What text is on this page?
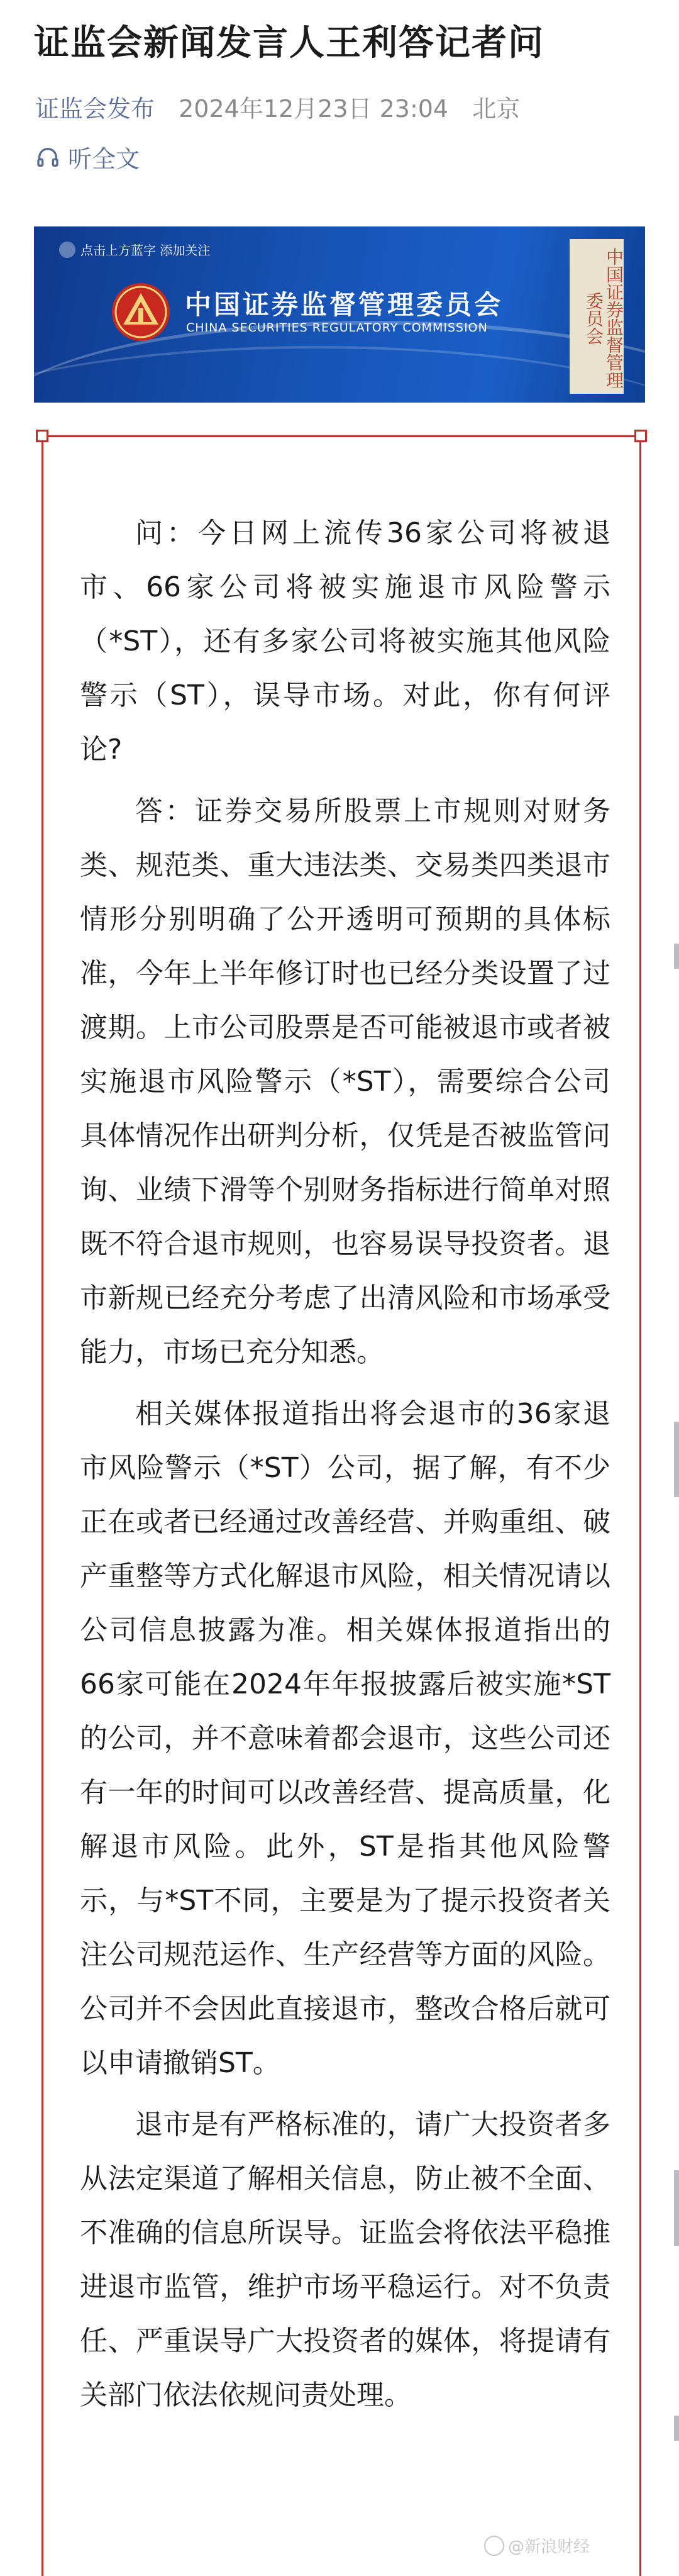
证监会新闻发言人王利答记者问
证监会发布 2024年12月23日 23:04 北京
听全文
点击上方蓝字 添加关注
中国证券监督管理委员会
CHINA SECURITIES REGULATORY COMMISSION	中国证券监督管理委员会

问：今日网上流传36家公司将被退市、66家公司将被实施退市风险警示（*ST），还有多家公司将被实施其他风险警示（ST），误导市场。对此，你有何评论?

答：证券交易所股票上市规则对财务类、规范类、重大违法类、交易类四类退市情形分别明确了公开透明可预期的具体标准，今年上半年修订时也已经分类设置了过渡期。上市公司股票是否可能被退市或者被实施退市风险警示（*ST），需要综合公司具体情况作出研判分析，仅凭是否被监管问询、业绩下滑等个别财务指标进行简单对照既不符合退市规则，也容易误导投资者。退市新规已经充分考虑了出清风险和市场承受能力，市场已充分知悉。

相关媒体报道指出将会退市的36家退市风险警示（*ST）公司，据了解，有不少正在或者已经通过改善经营、并购重组、破产重整等方式化解退市风险，相关情况请以公司信息披露为准。相关媒体报道指出的66家可能在2024年年报披露后被实施*ST的公司，并不意味着都会退市，这些公司还有一年的时间可以改善经营、提高质量，化解退市风险。此外，ST是指其他风险警示，与*ST不同，主要是为了提示投资者关注公司规范运作、生产经营等方面的风险。公司并不会因此直接退市，整改合格后就可以申请撤销ST。

退市是有严格标准的，请广大投资者多从法定渠道了解相关信息，防止被不全面、不准确的信息所误导。证监会将依法平稳推进退市监管，维护市场平稳运行。对不负责任、严重误导广大投资者的媒体，将提请有关部门依法依规问责处理。

@新浪财经
